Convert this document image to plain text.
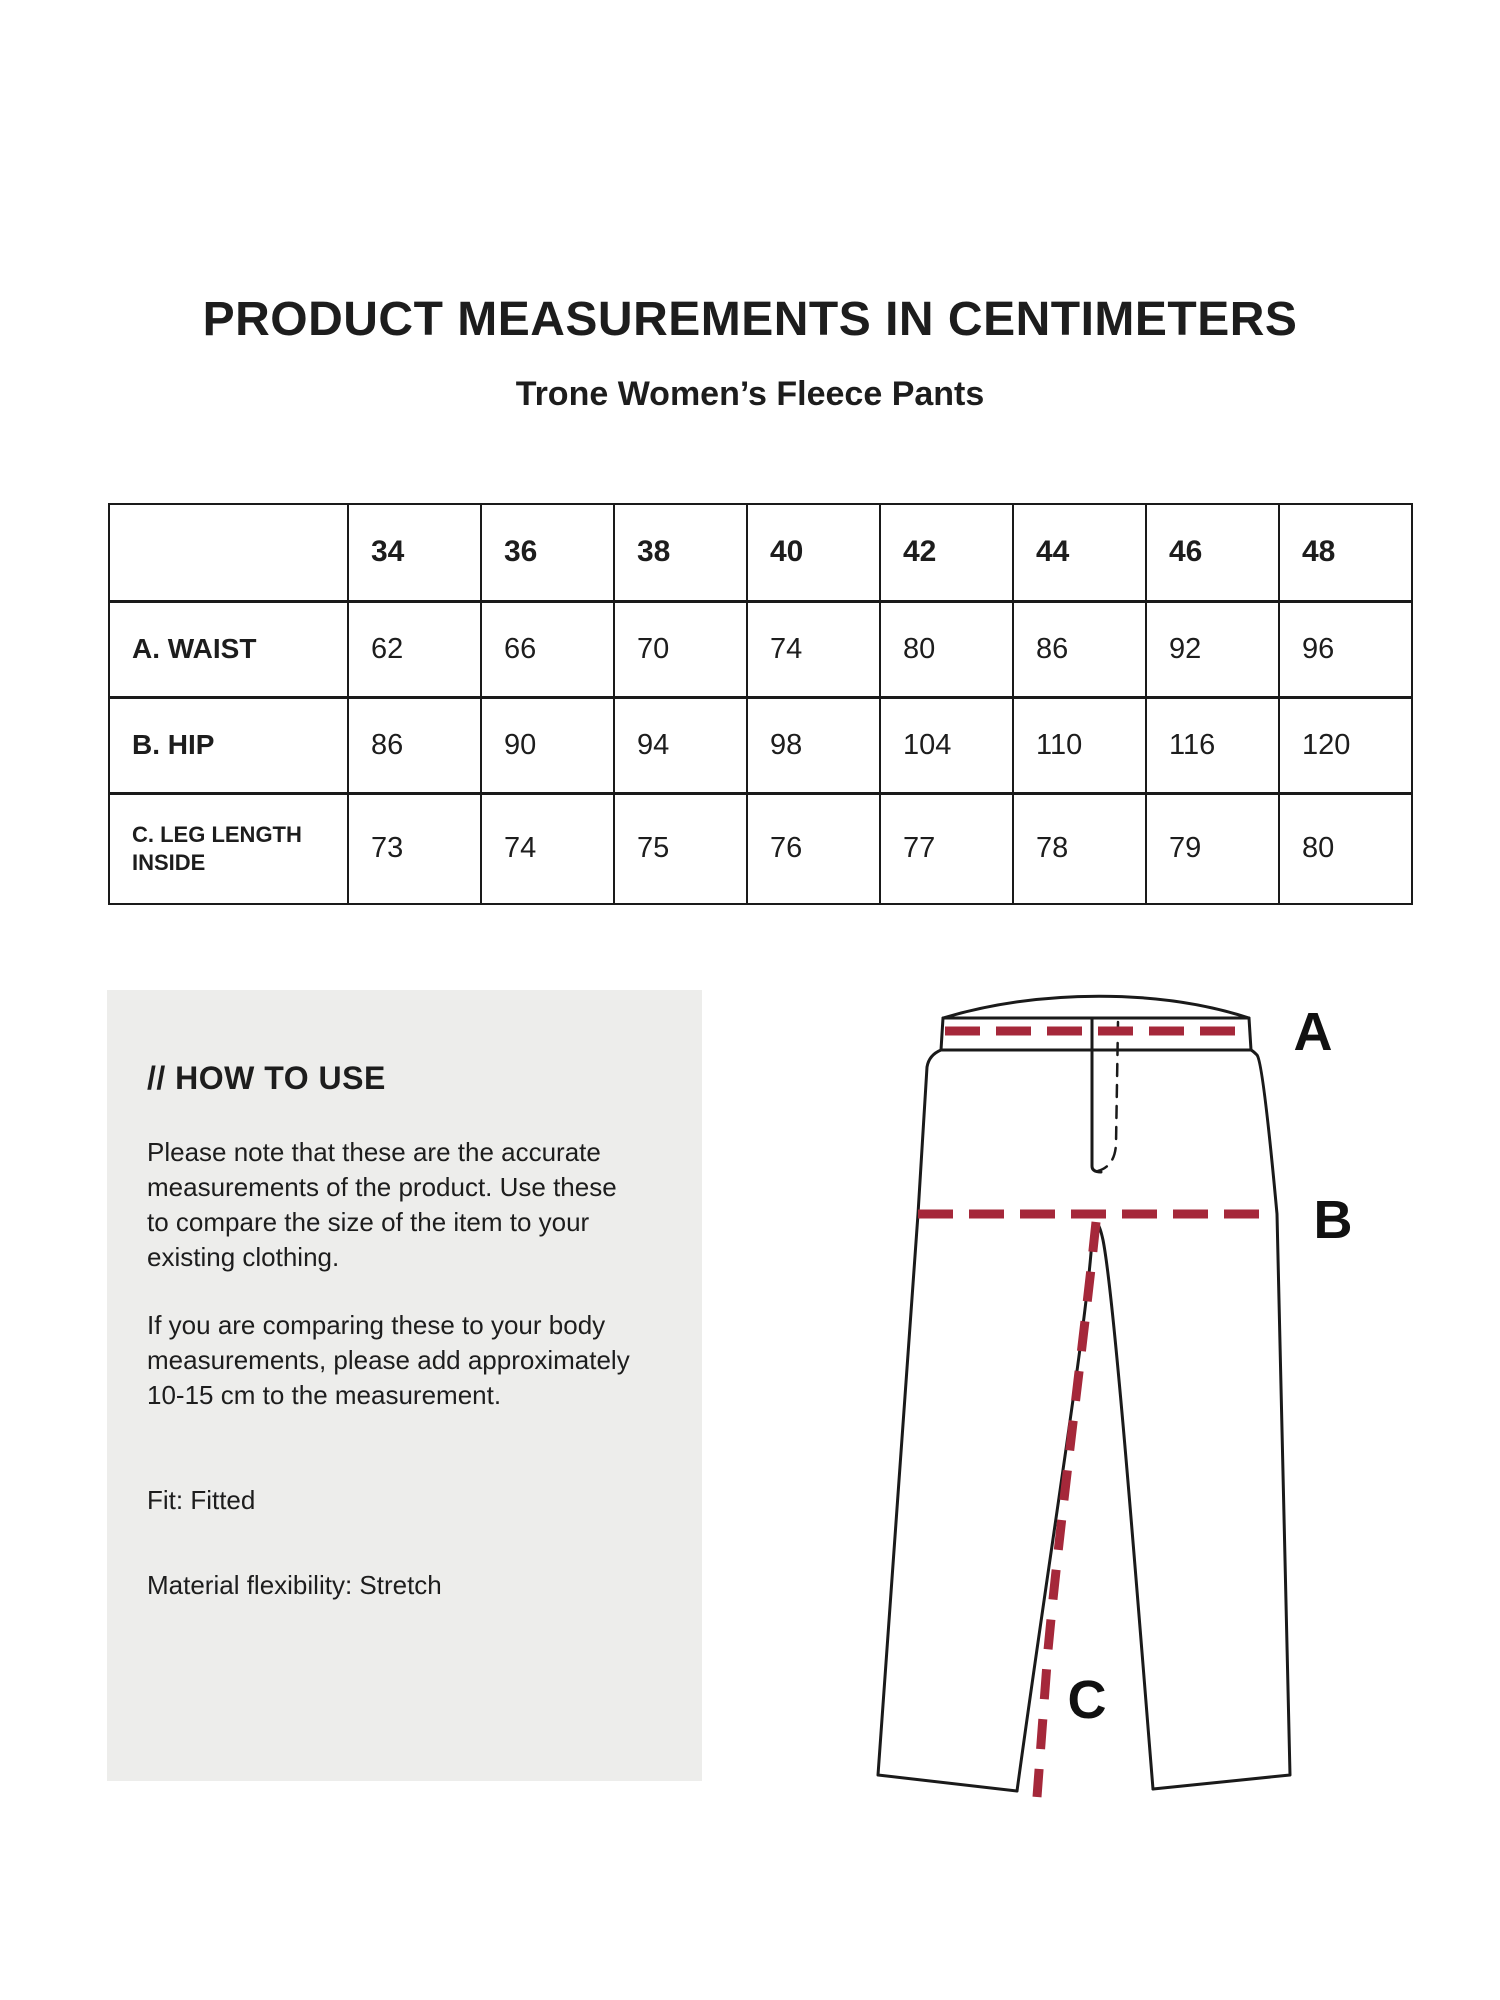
PRODUCT MEASUREMENTS IN CENTIMETERS
Trone Women’s Fleece Pants
	34	36	38	40	42	44	46	48
A. WAIST	62	66	70	74	80	86	92	96
B. HIP	86	90	94	98	104	110	116	120
C. LEG LENGTH INSIDE	73	74	75	76	77	78	79	80
// HOW TO USE

Please note that these are the accurate measurements of the product. Use these to compare the size of the item to your existing clothing.

If you are comparing these to your body measurements, please add approximately 10-15 cm to the measurement.

Fit: Fitted

Material flexibility: Stretch

A
B
C
